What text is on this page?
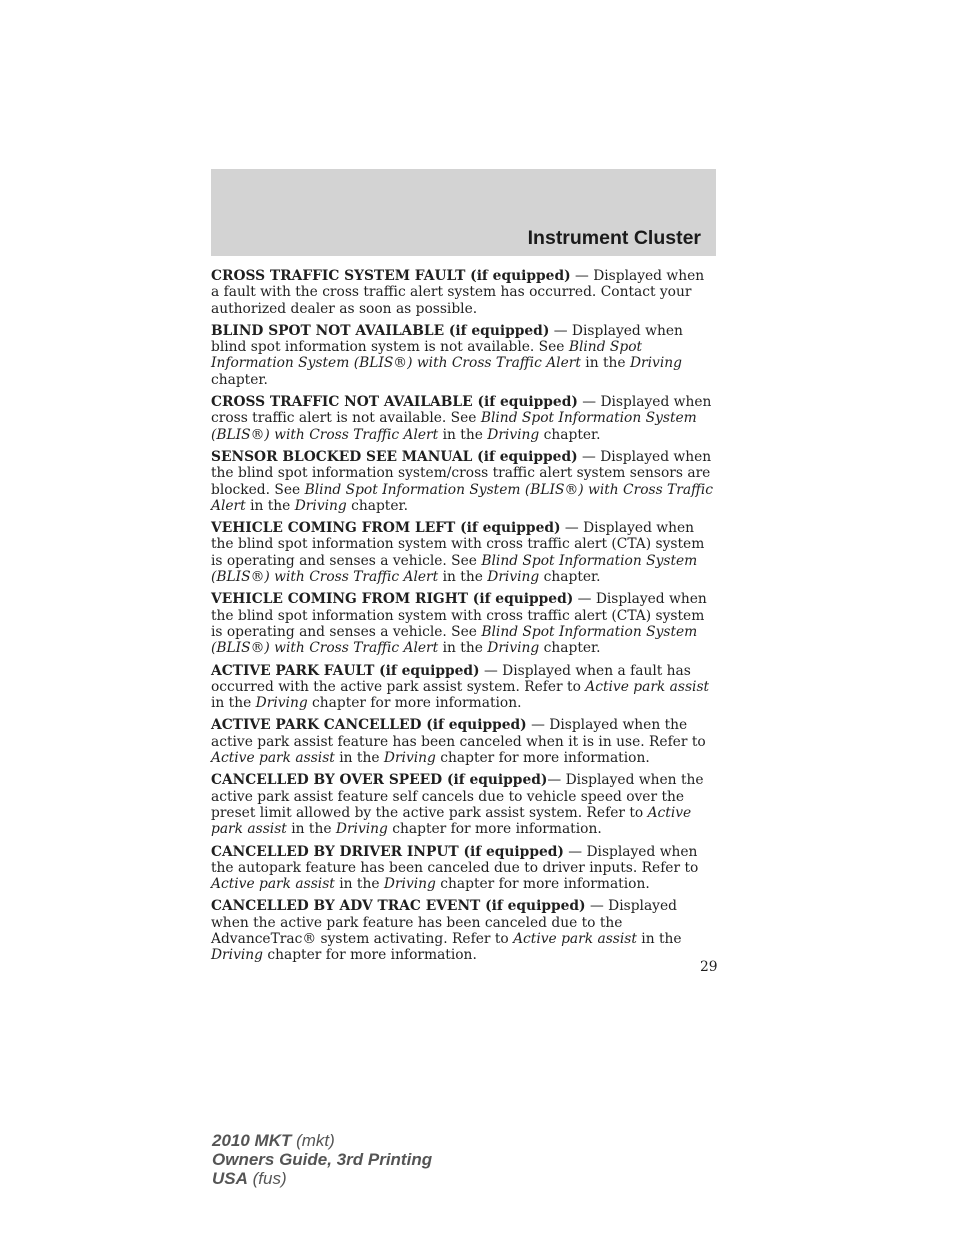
Instrument Cluster

CROSS TRAFFIC SYSTEM FAULT (if equipped) — Displayed when a fault with the cross traffic alert system has occurred. Contact your authorized dealer as soon as possible.

BLIND SPOT NOT AVAILABLE (if equipped) — Displayed when blind spot information system is not available. See Blind Spot Information System (BLIS®) with Cross Traffic Alert in the Driving chapter.

CROSS TRAFFIC NOT AVAILABLE (if equipped) — Displayed when cross traffic alert is not available. See Blind Spot Information System (BLIS®) with Cross Traffic Alert in the Driving chapter.

SENSOR BLOCKED SEE MANUAL (if equipped) — Displayed when the blind spot information system/cross traffic alert system sensors are blocked. See Blind Spot Information System (BLIS®) with Cross Traffic Alert in the Driving chapter.

VEHICLE COMING FROM LEFT (if equipped) — Displayed when the blind spot information system with cross traffic alert (CTA) system is operating and senses a vehicle. See Blind Spot Information System (BLIS®) with Cross Traffic Alert in the Driving chapter.

VEHICLE COMING FROM RIGHT (if equipped) — Displayed when the blind spot information system with cross traffic alert (CTA) system is operating and senses a vehicle. See Blind Spot Information System (BLIS®) with Cross Traffic Alert in the Driving chapter.

ACTIVE PARK FAULT (if equipped) — Displayed when a fault has occurred with the active park assist system. Refer to Active park assist in the Driving chapter for more information.

ACTIVE PARK CANCELLED (if equipped) — Displayed when the active park assist feature has been canceled when it is in use. Refer to Active park assist in the Driving chapter for more information.

CANCELLED BY OVER SPEED (if equipped)— Displayed when the active park assist feature self cancels due to vehicle speed over the preset limit allowed by the active park assist system. Refer to Active park assist in the Driving chapter for more information.

CANCELLED BY DRIVER INPUT (if equipped) — Displayed when the autopark feature has been canceled due to driver inputs. Refer to Active park assist in the Driving chapter for more information.

CANCELLED BY ADV TRAC EVENT (if equipped) — Displayed when the active park feature has been canceled due to the AdvanceTrac® system activating. Refer to Active park assist in the Driving chapter for more information.

29
2010 MKT (mkt)
Owners Guide, 3rd Printing
USA (fus)
